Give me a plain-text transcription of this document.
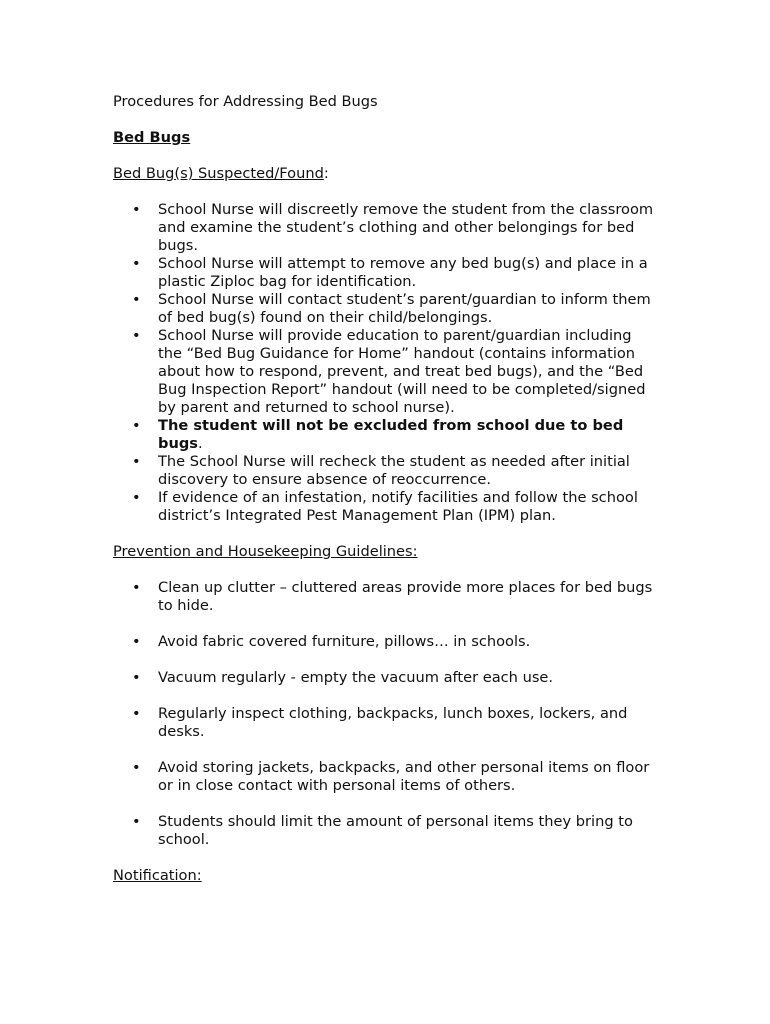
Procedures for Addressing Bed Bugs
Bed Bugs
Bed Bug(s) Suspected/Found:
• School Nurse will discreetly remove the student from the classroom and examine the student’s clothing and other belongings for bed bugs.
• School Nurse will attempt to remove any bed bug(s) and place in a plastic Ziploc bag for identification.
• School Nurse will contact student’s parent/guardian to inform them of bed bug(s) found on their child/belongings.
• School Nurse will provide education to parent/guardian including the “Bed Bug Guidance for Home” handout (contains information about how to respond, prevent, and treat bed bugs), and the “Bed Bug Inspection Report” handout (will need to be completed/signed by parent and returned to school nurse).
• The student will not be excluded from school due to bed bugs.
• The School Nurse will recheck the student as needed after initial discovery to ensure absence of reoccurrence.
• If evidence of an infestation, notify facilities and follow the school district’s Integrated Pest Management Plan (IPM) plan.
Prevention and Housekeeping Guidelines:
• Clean up clutter – cluttered areas provide more places for bed bugs to hide.
• Avoid fabric covered furniture, pillows… in schools.
• Vacuum regularly - empty the vacuum after each use.
• Regularly inspect clothing, backpacks, lunch boxes, lockers, and desks.
• Avoid storing jackets, backpacks, and other personal items on floor or in close contact with personal items of others.
• Students should limit the amount of personal items they bring to school.
Notification:
